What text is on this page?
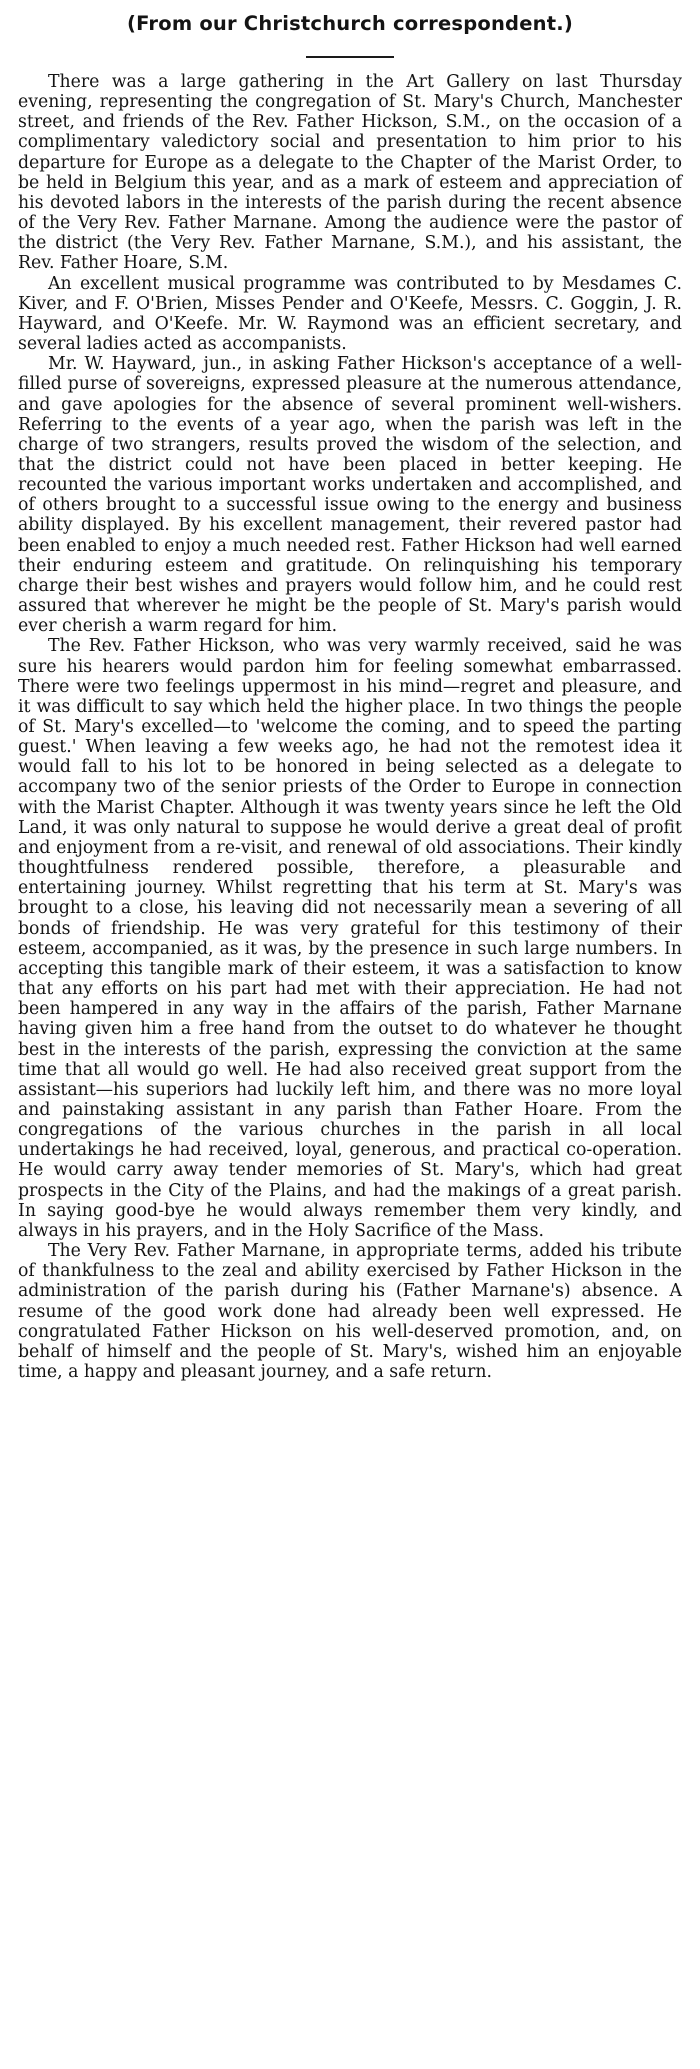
(From our Christchurch correspondent.)

There was a large gathering in the Art Gallery on last Thursday evening, representing the congregation of St. Mary's Church, Manchester street, and friends of the Rev. Father Hickson, S.M., on the occasion of a complimentary valedictory social and presentation to him prior to his departure for Europe as a delegate to the Chapter of the Marist Order, to be held in Belgium this year, and as a mark of esteem and appreciation of his devoted labors in the interests of the parish during the recent absence of the Very Rev. Father Marnane. Among the audience were the pastor of the district (the Very Rev. Father Marnane, S.M.), and his assistant, the Rev. Father Hoare, S.M.

An excellent musical programme was contributed to by Mesdames C. Kiver, and F. O'Brien, Misses Pender and O'Keefe, Messrs. C. Goggin, J. R. Hayward, and O'Keefe. Mr. W. Raymond was an efficient secretary, and several ladies acted as accompanists.

Mr. W. Hayward, jun., in asking Father Hickson's acceptance of a well-filled purse of sovereigns, expressed pleasure at the numerous attendance, and gave apologies for the absence of several prominent well-wishers. Referring to the events of a year ago, when the parish was left in the charge of two strangers, results proved the wisdom of the selection, and that the district could not have been placed in better keeping. He recounted the various important works undertaken and accomplished, and of others brought to a successful issue owing to the energy and business ability displayed. By his excellent management, their revered pastor had been enabled to enjoy a much needed rest. Father Hickson had well earned their enduring esteem and gratitude. On relinquishing his temporary charge their best wishes and prayers would follow him, and he could rest assured that wherever he might be the people of St. Mary's parish would ever cherish a warm regard for him.

The Rev. Father Hickson, who was very warmly received, said he was sure his hearers would pardon him for feeling somewhat embarrassed. There were two feelings uppermost in his mind—regret and pleasure, and it was difficult to say which held the higher place. In two things the people of St. Mary's excelled—to 'welcome the coming, and to speed the parting guest.' When leaving a few weeks ago, he had not the remotest idea it would fall to his lot to be honored in being selected as a delegate to accompany two of the senior priests of the Order to Europe in connection with the Marist Chapter. Although it was twenty years since he left the Old Land, it was only natural to suppose he would derive a great deal of profit and enjoyment from a re-visit, and renewal of old associations. Their kindly thoughtfulness rendered possible, therefore, a pleasurable and entertaining journey. Whilst regretting that his term at St. Mary's was brought to a close, his leaving did not necessarily mean a severing of all bonds of friendship. He was very grateful for this testimony of their esteem, accompanied, as it was, by the presence in such large numbers. In accepting this tangible mark of their esteem, it was a satisfaction to know that any efforts on his part had met with their appreciation. He had not been hampered in any way in the affairs of the parish, Father Marnane having given him a free hand from the outset to do whatever he thought best in the interests of the parish, expressing the conviction at the same time that all would go well. He had also received great support from the assistant—his superiors had luckily left him, and there was no more loyal and painstaking assistant in any parish than Father Hoare. From the congregations of the various churches in the parish in all local undertakings he had received, loyal, generous, and practical co-operation. He would carry away tender memories of St. Mary's, which had great prospects in the City of the Plains, and had the makings of a great parish. In saying good-bye he would always remember them very kindly, and always in his prayers, and in the Holy Sacrifice of the Mass.

The Very Rev. Father Marnane, in appropriate terms, added his tribute of thankfulness to the zeal and ability exercised by Father Hickson in the administration of the parish during his (Father Marnane's) absence. A resume of the good work done had already been well expressed. He congratulated Father Hickson on his well-deserved promotion, and, on behalf of himself and the people of St. Mary's, wished him an enjoyable time, a happy and pleasant journey, and a safe return.
